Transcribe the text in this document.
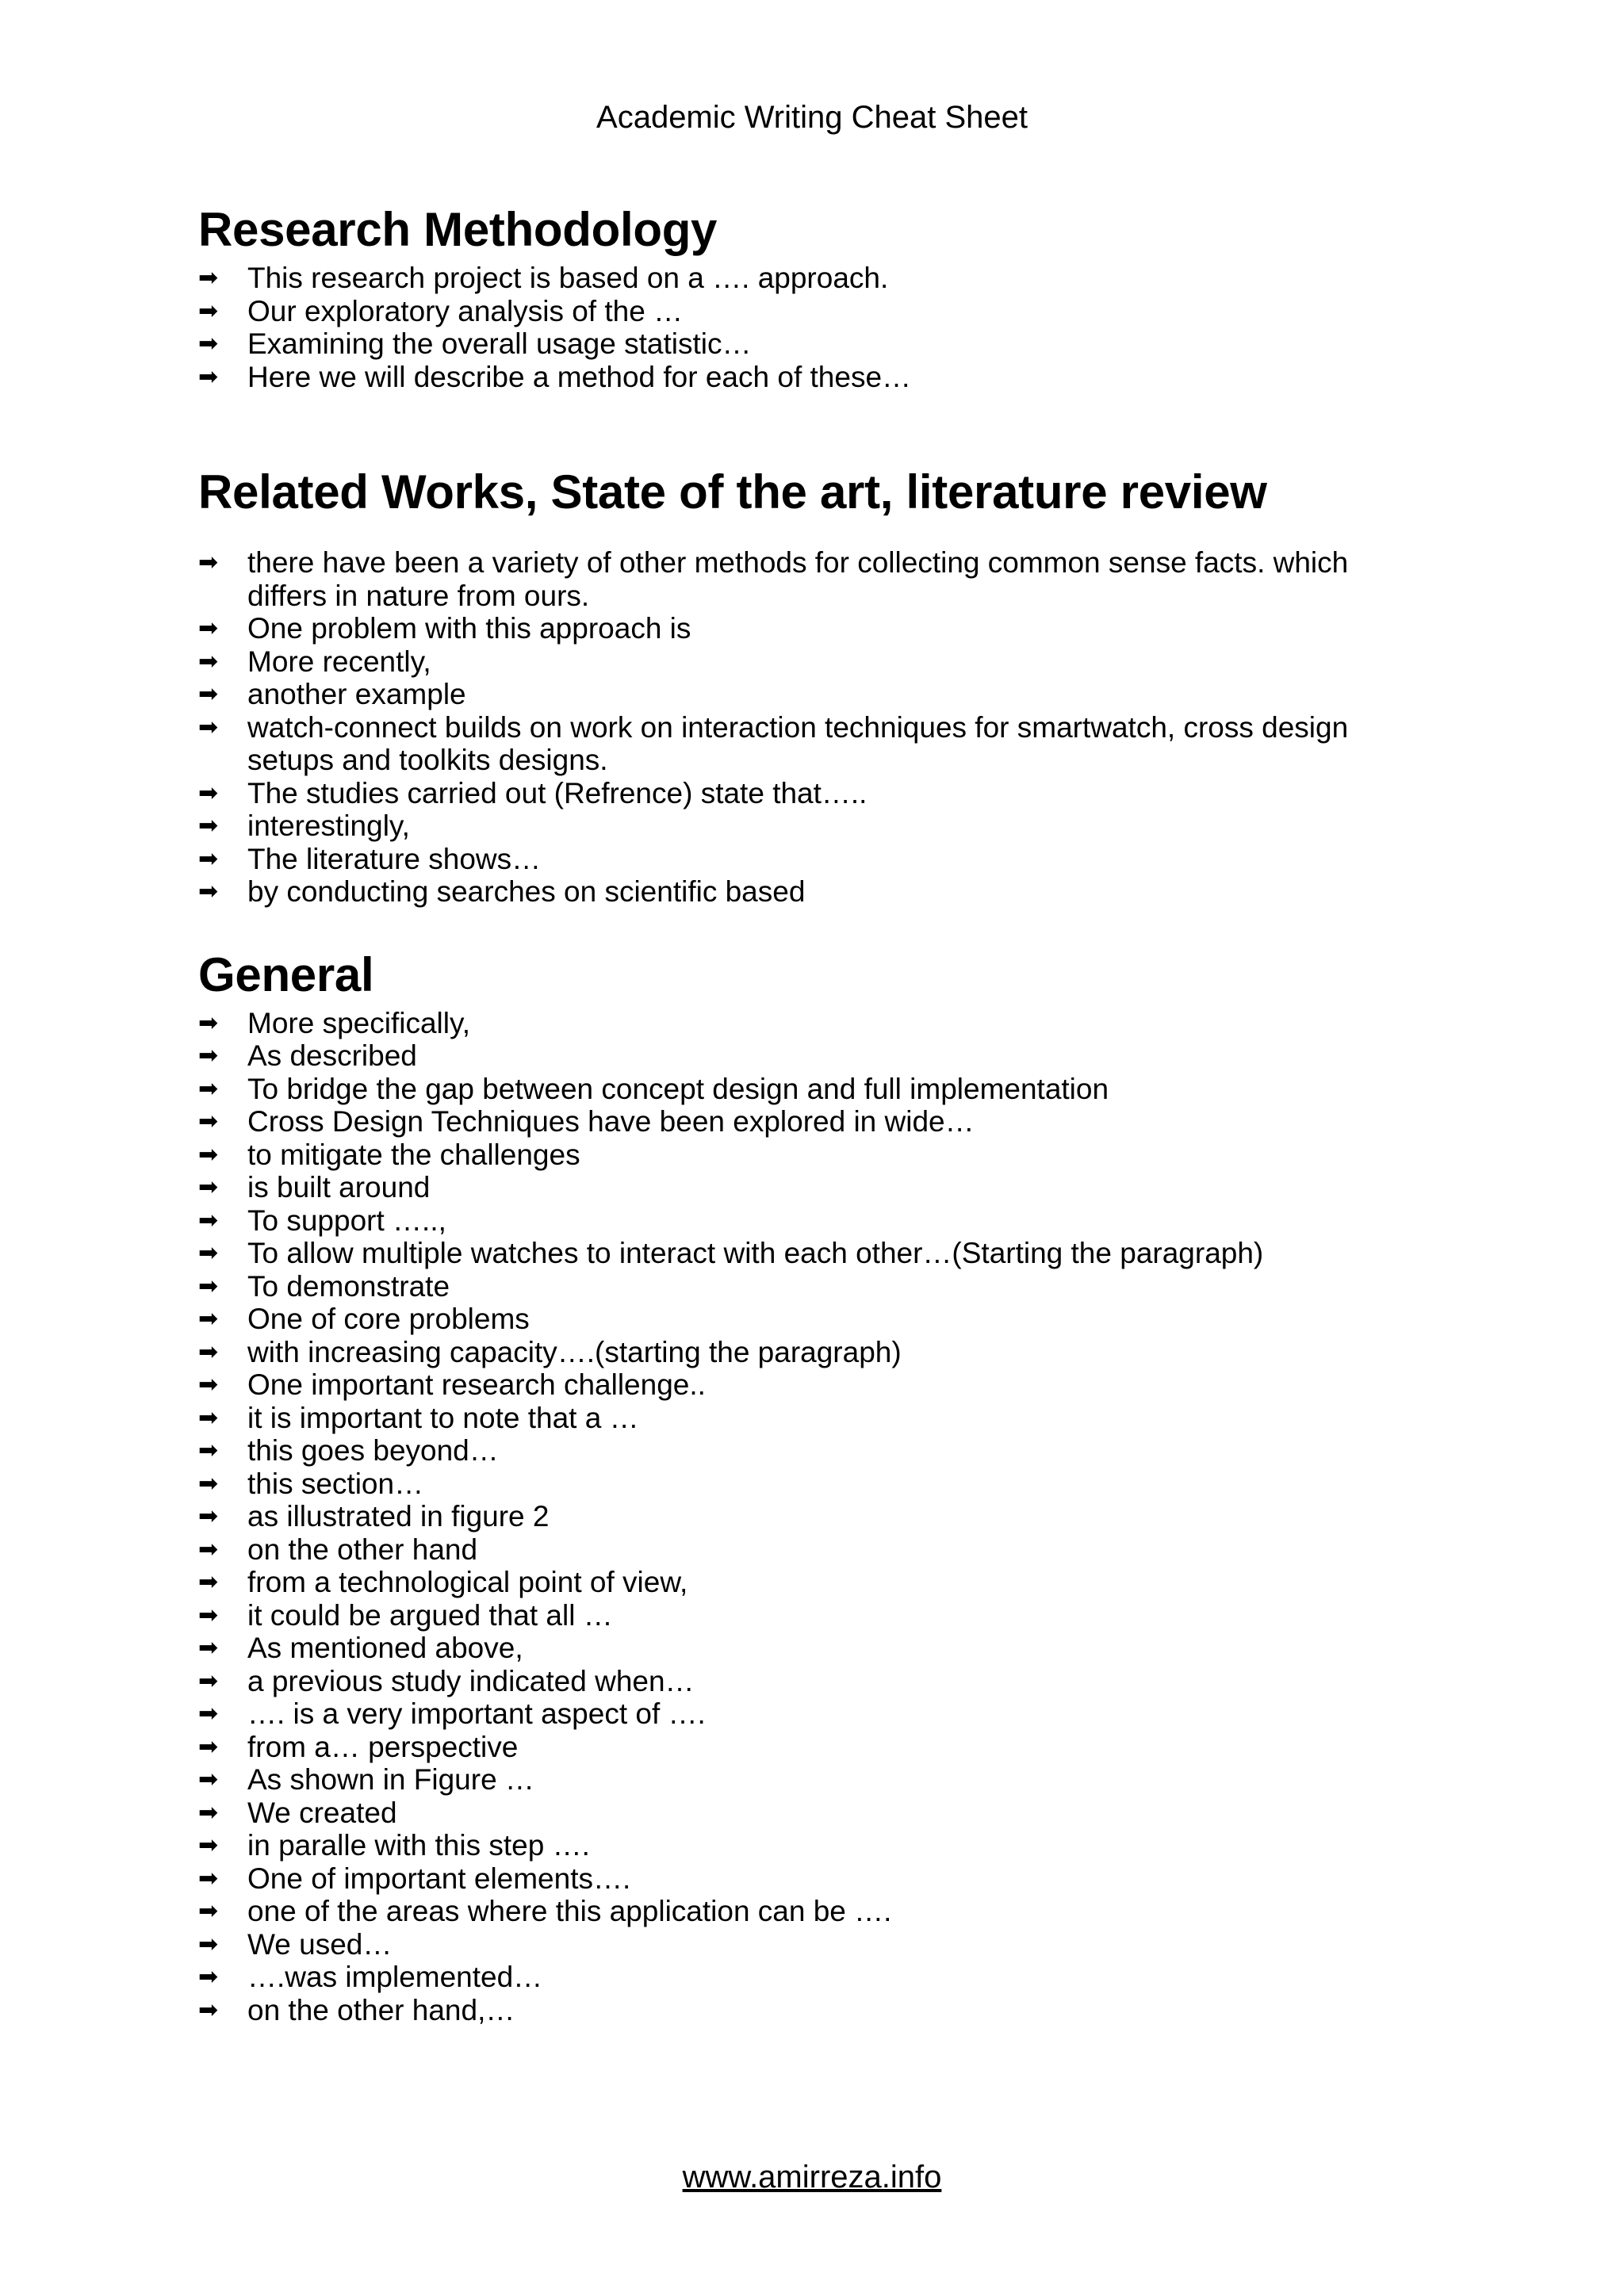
Academic Writing Cheat Sheet
Research Methodology
➡ This research project is based on a …. approach.
➡ Our exploratory analysis of the …
➡ Examining the overall usage statistic…
➡ Here we will describe a method for each of these…
Related Works, State of the art, literature review
➡ there have been a variety of other methods for collecting common sense facts. which differs in nature from ours.
➡ One problem with this approach is
➡ More recently,
➡ another example
➡ watch-connect builds on work on interaction techniques for smartwatch, cross design setups and toolkits designs.
➡ The studies carried out (Refrence) state that…..
➡ interestingly,
➡ The literature shows…
➡ by conducting searches on scientific based
General
➡ More specifically,
➡ As described
➡ To bridge the gap between concept design and full implementation
➡ Cross Design Techniques have been explored in wide…
➡ to mitigate the challenges
➡ is built around
➡ To support …..,
➡ To allow multiple watches to interact with each other…(Starting the paragraph)
➡ To demonstrate
➡ One of core problems
➡ with increasing capacity….(starting the paragraph)
➡ One important research challenge..
➡ it is important to note that a …
➡ this goes beyond…
➡ this section…
➡ as illustrated in figure 2
➡ on the other hand
➡ from a technological point of view,
➡ it could be argued that all …
➡ As mentioned above,
➡ a previous study indicated when…
➡ …. is a very important aspect of ….
➡ from a… perspective
➡ As shown in Figure …
➡ We created
➡ in paralle with this step ….
➡ One of important elements….
➡ one of the areas where this application can be ….
➡ We used…
➡ ….was implemented…
➡ on the other hand,…
www.amirreza.info
